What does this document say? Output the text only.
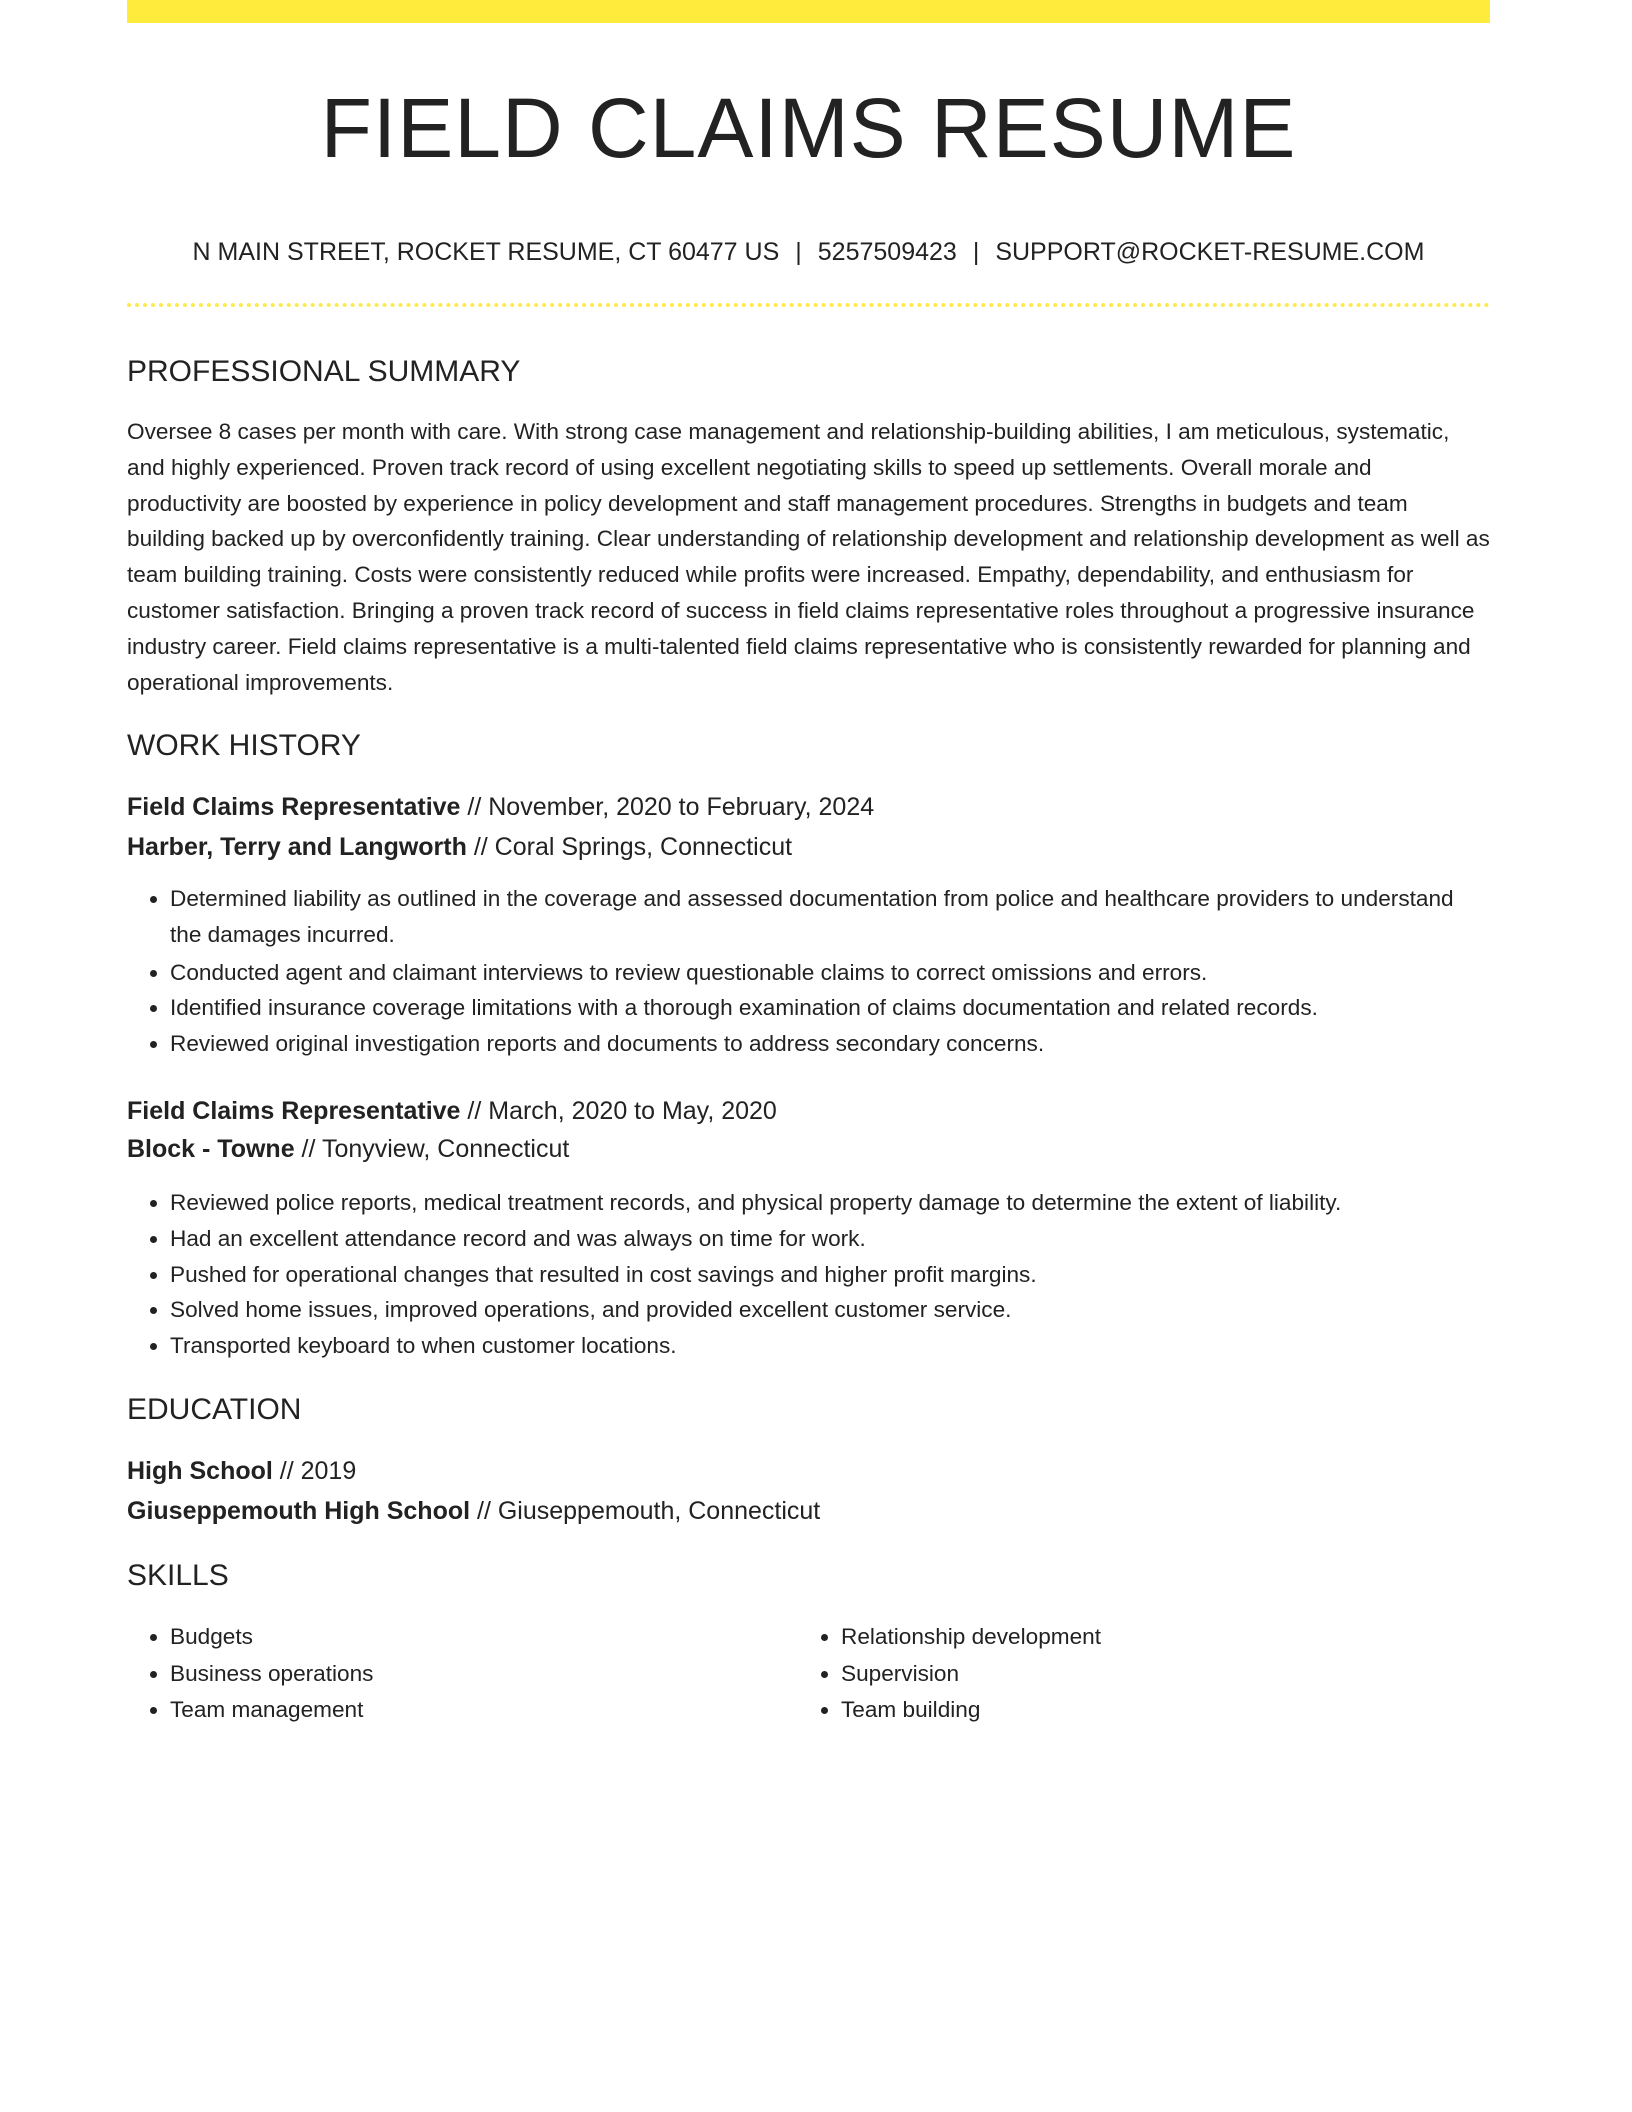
FIELD CLAIMS RESUME
N MAIN STREET, ROCKET RESUME, CT 60477 US | 5257509423 | SUPPORT@ROCKET-RESUME.COM
PROFESSIONAL SUMMARY

Oversee 8 cases per month with care. With strong case management and relationship-building abilities, I am meticulous, systematic, and highly experienced. Proven track record of using excellent negotiating skills to speed up settlements. Overall morale and productivity are boosted by experience in policy development and staff management procedures. Strengths in budgets and team building backed up by overconfidently training. Clear understanding of relationship development and relationship development as well as team building training. Costs were consistently reduced while profits were increased. Empathy, dependability, and enthusiasm for customer satisfaction. Bringing a proven track record of success in field claims representative roles throughout a progressive insurance industry career. Field claims representative is a multi-talented field claims representative who is consistently rewarded for planning and operational improvements.

WORK HISTORY
Field Claims Representative // November, 2020 to February, 2024
Harber, Terry and Langworth // Coral Springs, Connecticut
• Determined liability as outlined in the coverage and assessed documentation from police and healthcare providers to understand the damages incurred.
• Conducted agent and claimant interviews to review questionable claims to correct omissions and errors.
• Identified insurance coverage limitations with a thorough examination of claims documentation and related records.
• Reviewed original investigation reports and documents to address secondary concerns.
Field Claims Representative // March, 2020 to May, 2020
Block - Towne // Tonyview, Connecticut
• Reviewed police reports, medical treatment records, and physical property damage to determine the extent of liability.
• Had an excellent attendance record and was always on time for work.
• Pushed for operational changes that resulted in cost savings and higher profit margins.
• Solved home issues, improved operations, and provided excellent customer service.
• Transported keyboard to when customer locations.
EDUCATION
High School // 2019
Giuseppemouth High School // Giuseppemouth, Connecticut
SKILLS
• Budgets
• Business operations
• Team management
• Relationship development
• Supervision
• Team building
